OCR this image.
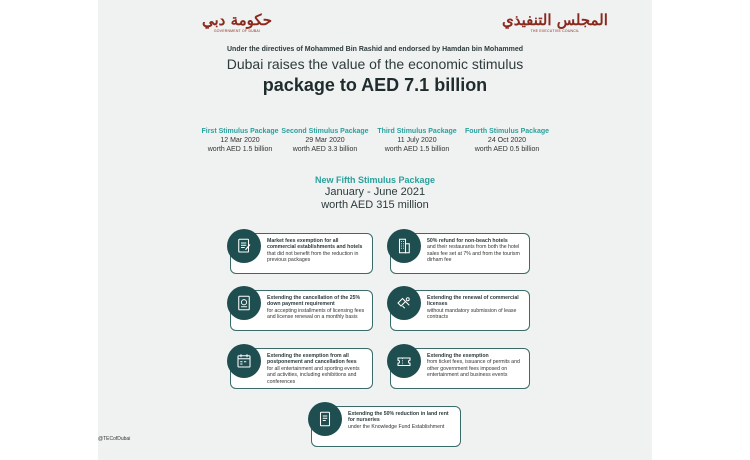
حكومة دبي
GOVERNMENT OF DUBAI
المجلس التنفيذي
THE EXECUTIVE COUNCIL
Under the directives of Mohammed Bin Rashid and endorsed by Hamdan bin Mohammed
Dubai raises the value of the economic stimulus
package to AED 7.1 billion
First Stimulus Package
12 Mar 2020
worth AED 1.5 billion
Second Stimulus Package
29 Mar 2020
worth AED 3.3 billion
Third Stimulus Package
11 July 2020
worth AED 1.5 billion
Fourth Stimulus Package
24 Oct 2020
worth AED 0.5 billion
New Fifth Stimulus Package
January - June 2021
worth AED 315 million
Market fees exemption for all commercial establishments and hotels
that did not benefit from the reduction in previous packages
50% refund for non-beach hotels
and their restaurants from both the hotel sales fee set at 7% and from the tourism dirham fee
Extending the cancellation of the 25% down payment requirement
for accepting installments of licensing fees and license renewal on a monthly basis
Extending the renewal of commercial licenses
without mandatory submission of lease contracts
Extending the exemption from all postponement and cancellation fees
for all entertainment and sporting events and activities, including exhibitions and conferences
Extending the exemption
from ticket fees, issuance of permits and other government fees imposed on entertainment and business events
Extending the 50% reduction in land rent for nurseries
under the Knowledge Fund Establishment
@TECofDubai
